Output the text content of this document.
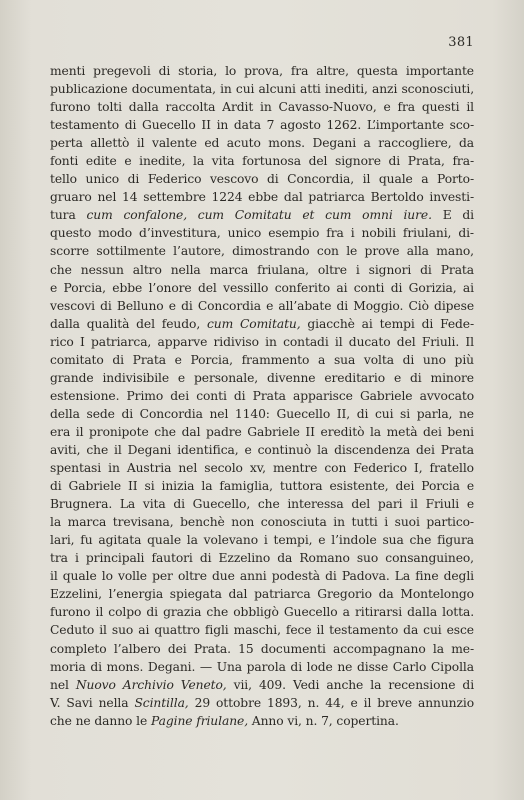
381
menti pregevoli di storia, lo prova, fra altre, questa importante
publicazione documentata, in cui alcuni atti inediti, anzi sconosciuti,
furono tolti dalla raccolta Ardit in Cavasso-Nuovo, e fra questi il
testamento di Guecello II in data 7 agosto 1262. L’importante sco-
perta allettò il valente ed acuto mons. Degani a raccogliere, da
fonti edite e inedite, la vita fortunosa del signore di Prata, fra-
tello unico di Federico vescovo di Concordia, il quale a Porto-
gruaro nel 14 settembre 1224 ebbe dal patriarca Bertoldo investi-
tura cum confalone, cum Comitatu et cum omni iure. E di
questo modo d’investitura, unico esempio fra i nobili friulani, di-
scorre sottilmente l’autore, dimostrando con le prove alla mano,
che nessun altro nella marca friulana, oltre i signori di Prata
e Porcia, ebbe l’onore del vessillo conferito ai conti di Gorizia, ai
vescovi di Belluno e di Concordia e all’abate di Moggio. Ciò dipese
dalla qualità del feudo, cum Comitatu, giacchè ai tempi di Fede-
rico I patriarca, apparve ridiviso in contadi il ducato del Friuli. Il
comitato di Prata e Porcia, frammento a sua volta di uno più
grande indivisibile e personale, divenne ereditario e di minore
estensione. Primo dei conti di Prata apparisce Gabriele avvocato
della sede di Concordia nel 1140: Guecello II, di cui si parla, ne
era il pronipote che dal padre Gabriele II ereditò la metà dei beni
aviti, che il Degani identifica, e continuò la discendenza dei Prata
spentasi in Austria nel secolo xv, mentre con Federico I, fratello
di Gabriele II si inizia la famiglia, tuttora esistente, dei Porcia e
Brugnera. La vita di Guecello, che interessa del pari il Friuli e
la marca trevisana, benchè non conosciuta in tutti i suoi partico-
lari, fu agitata quale la volevano i tempi, e l’indole sua che figura
tra i principali fautori di Ezzelino da Romano suo consanguineo,
il quale lo volle per oltre due anni podestà di Padova. La fine degli
Ezzelini, l’energia spiegata dal patriarca Gregorio da Montelongo
furono il colpo di grazia che obbligò Guecello a ritirarsi dalla lotta.
Ceduto il suo ai quattro figli maschi, fece il testamento da cui esce
completo l’albero dei Prata. 15 documenti accompagnano la me-
moria di mons. Degani. — Una parola di lode ne disse Carlo Cipolla
nel Nuovo Archivio Veneto, vii, 409. Vedi anche la recensione di
V. Savi nella Scintilla, 29 ottobre 1893, n. 44, e il breve annunzio
che ne danno le Pagine friulane, Anno vi, n. 7, copertina.
